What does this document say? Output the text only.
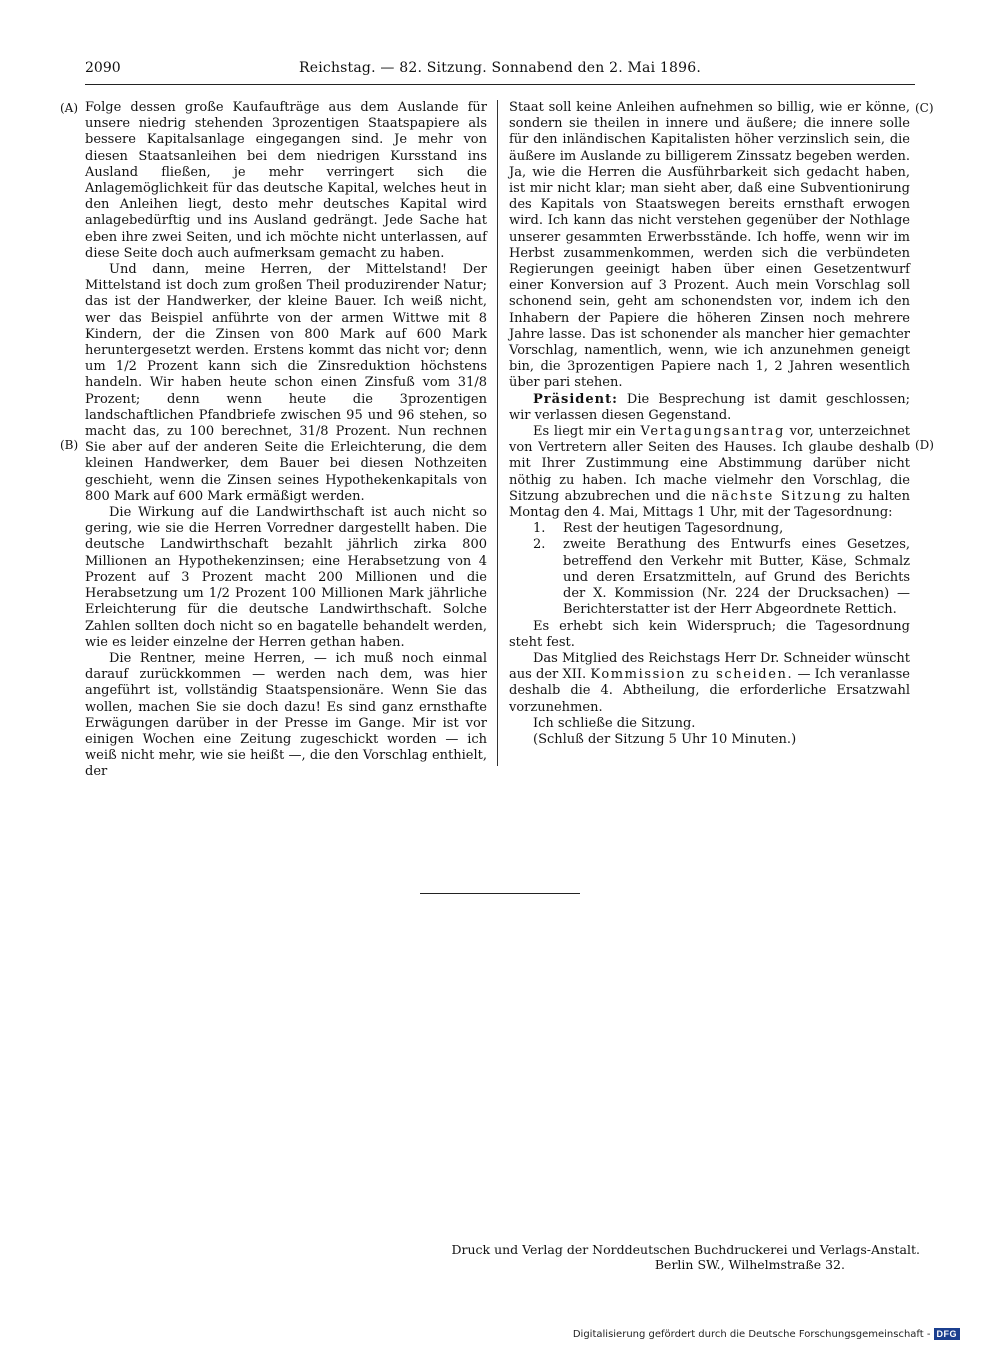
2090	Reichstag. — 82. Sitzung. Sonnabend den 2. Mai 1896.
(A)
(B)
(C)
(D)

Folge dessen große Kaufaufträge aus dem Auslande für unsere niedrig stehenden 3prozentigen Staatspapiere als bessere Kapitalsanlage eingegangen sind. Je mehr von diesen Staatsanleihen bei dem niedrigen Kursstand ins Ausland fließen, je mehr verringert sich die Anlagemöglichkeit für das deutsche Kapital, welches heut in den Anleihen liegt, desto mehr deutsches Kapital wird anlagebedürftig und ins Ausland gedrängt. Jede Sache hat eben ihre zwei Seiten, und ich möchte nicht unterlassen, auf diese Seite doch auch aufmerksam gemacht zu haben.

Und dann, meine Herren, der Mittelstand! Der Mittelstand ist doch zum großen Theil produzirender Natur; das ist der Handwerker, der kleine Bauer. Ich weiß nicht, wer das Beispiel anführte von der armen Wittwe mit 8 Kindern, der die Zinsen von 800 Mark auf 600 Mark heruntergesetzt werden. Erstens kommt das nicht vor; denn um 1/2 Prozent kann sich die Zinsreduktion höchstens handeln. Wir haben heute schon einen Zinsfuß vom 31/8 Prozent; denn wenn heute die 3prozentigen landschaftlichen Pfandbriefe zwischen 95 und 96 stehen, so macht das, zu 100 berechnet, 31/8 Prozent. Nun rechnen Sie aber auf der anderen Seite die Erleichterung, die dem kleinen Handwerker, dem Bauer bei diesen Nothzeiten geschieht, wenn die Zinsen seines Hypothekenkapitals von 800 Mark auf 600 Mark ermäßigt werden.

Die Wirkung auf die Landwirthschaft ist auch nicht so gering, wie sie die Herren Vorredner dargestellt haben. Die deutsche Landwirthschaft bezahlt jährlich zirka 800 Millionen an Hypothekenzinsen; eine Herabsetzung von 4 Prozent auf 3 Prozent macht 200 Millionen und die Herabsetzung um 1/2 Prozent 100 Millionen Mark jährliche Erleichterung für die deutsche Landwirthschaft. Solche Zahlen sollten doch nicht so en bagatelle behandelt werden, wie es leider einzelne der Herren gethan haben.

Die Rentner, meine Herren, — ich muß noch einmal darauf zurückkommen — werden nach dem, was hier angeführt ist, vollständig Staatspensionäre. Wenn Sie das wollen, machen Sie sie doch dazu! Es sind ganz ernsthafte Erwägungen darüber in der Presse im Gange. Mir ist vor einigen Wochen eine Zeitung zugeschickt worden — ich weiß nicht mehr, wie sie heißt —, die den Vorschlag enthielt, der

Staat soll keine Anleihen aufnehmen so billig, wie er könne, sondern sie theilen in innere und äußere; die innere solle für den inländischen Kapitalisten höher verzinslich sein, die äußere im Auslande zu billigerem Zinssatz begeben werden. Ja, wie die Herren die Ausführbarkeit sich gedacht haben, ist mir nicht klar; man sieht aber, daß eine Subventionirung des Kapitals von Staatswegen bereits ernsthaft erwogen wird. Ich kann das nicht verstehen gegenüber der Nothlage unserer gesammten Erwerbsstände. Ich hoffe, wenn wir im Herbst zusammenkommen, werden sich die verbündeten Regierungen geeinigt haben über einen Gesetzentwurf einer Konversion auf 3 Prozent. Auch mein Vorschlag soll schonend sein, geht am schonendsten vor, indem ich den Inhabern der Papiere die höheren Zinsen noch mehrere Jahre lasse. Das ist schonender als mancher hier gemachter Vorschlag, namentlich, wenn, wie ich anzunehmen geneigt bin, die 3prozentigen Papiere nach 1, 2 Jahren wesentlich über pari stehen.

Präsident: Die Besprechung ist damit geschlossen; wir verlassen diesen Gegenstand.

Es liegt mir ein Vertagungsantrag vor, unterzeichnet von Vertretern aller Seiten des Hauses. Ich glaube deshalb mit Ihrer Zustimmung eine Abstimmung darüber nicht nöthig zu haben. Ich mache vielmehr den Vorschlag, die Sitzung abzubrechen und die nächste Sitzung zu halten Montag den 4. Mai, Mittags 1 Uhr, mit der Tagesordnung:

1.	Rest der heutigen Tagesordnung,
2.	zweite Berathung des Entwurfs eines Gesetzes, betreffend den Verkehr mit Butter, Käse, Schmalz und deren Ersatzmitteln, auf Grund des Berichts der X. Kommission (Nr. 224 der Drucksachen) — Berichterstatter ist der Herr Abgeordnete Rettich.

Es erhebt sich kein Widerspruch; die Tagesordnung steht fest.

Das Mitglied des Reichstags Herr Dr. Schneider wünscht aus der XII. Kommission zu scheiden. — Ich veranlasse deshalb die 4. Abtheilung, die erforderliche Ersatzwahl vorzunehmen.

Ich schließe die Sitzung.

(Schluß der Sitzung 5 Uhr 10 Minuten.)

Druck und Verlag der Norddeutschen Buchdruckerei und Verlags-Anstalt.

Berlin SW., Wilhelmstraße 32.
Digitalisierung gefördert durch die Deutsche Forschungsgemeinschaft - DFG
